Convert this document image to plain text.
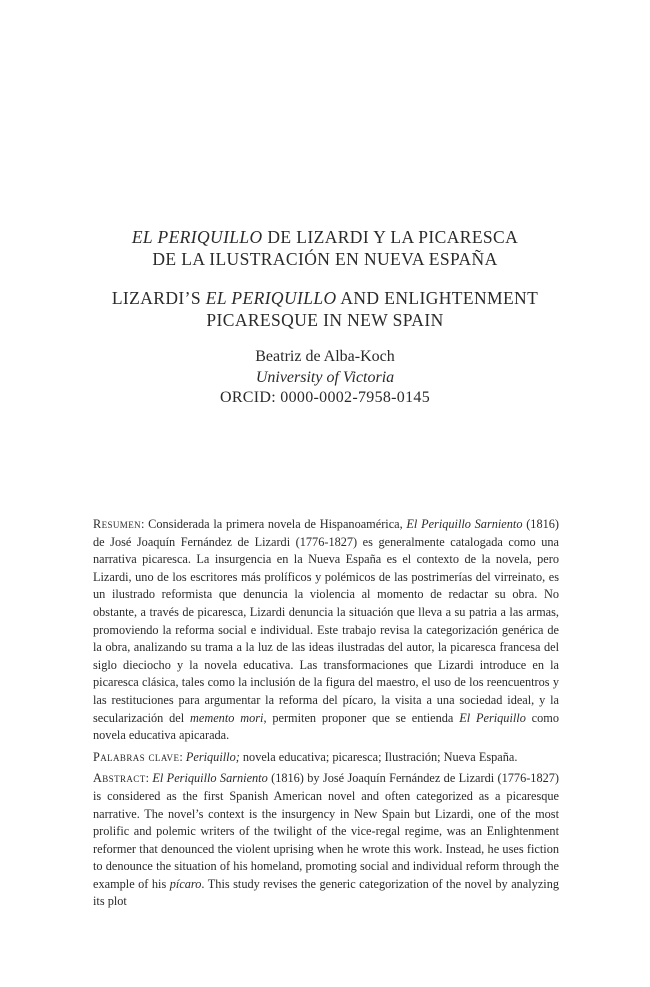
EL PERIQUILLO DE LIZARDI Y LA PICARESCA
DE LA ILUSTRACIÓN EN NUEVA ESPAÑA
LIZARDI’S EL PERIQUILLO AND ENLIGHTENMENT
PICARESQUE IN NEW SPAIN
Beatriz de Alba-Koch
University of Victoria
ORCID: 0000-0002-7958-0145

Resumen: Considerada la primera novela de Hispanoamérica, El Periquillo Sarniento (1816) de José Joaquín Fernández de Lizardi (1776-1827) es generalmente catalogada como una narrativa picaresca. La insurgencia en la Nueva España es el contexto de la novela, pero Lizardi, uno de los escritores más prolíficos y polémicos de las postrimerías del virreinato, es un ilustrado reformista que denuncia la violencia al momento de redactar su obra. No obstante, a través de picaresca, Lizardi denuncia la situación que lleva a su patria a las armas, promoviendo la reforma social e individual. Este trabajo revisa la categorización genérica de la obra, analizando su trama a la luz de las ideas ilustradas del autor, la picaresca francesa del siglo dieciocho y la novela educativa. Las transformaciones que Lizardi introduce en la picaresca clásica, tales como la inclusión de la figura del maestro, el uso de los reencuentros y las restituciones para argumentar la reforma del pícaro, la visita a una sociedad ideal, y la secularización del memento mori, permiten proponer que se entienda El Periquillo como novela educativa apicarada.

Palabras clave: Periquillo; novela educativa; picaresca; Ilustración; Nueva España.

Abstract: El Periquillo Sarniento (1816) by José Joaquín Fernández de Lizardi (1776-1827) is considered as the first Spanish American novel and often categorized as a picaresque narrative. The novel’s context is the insurgency in New Spain but Lizardi, one of the most prolific and polemic writers of the twilight of the vice-regal regime, was an Enlightenment reformer that denounced the violent uprising when he wrote this work. Instead, he uses fiction to denounce the situation of his homeland, promoting social and individual reform through the example of his pícaro. This study revises the generic categorization of the novel by analyzing its plot
